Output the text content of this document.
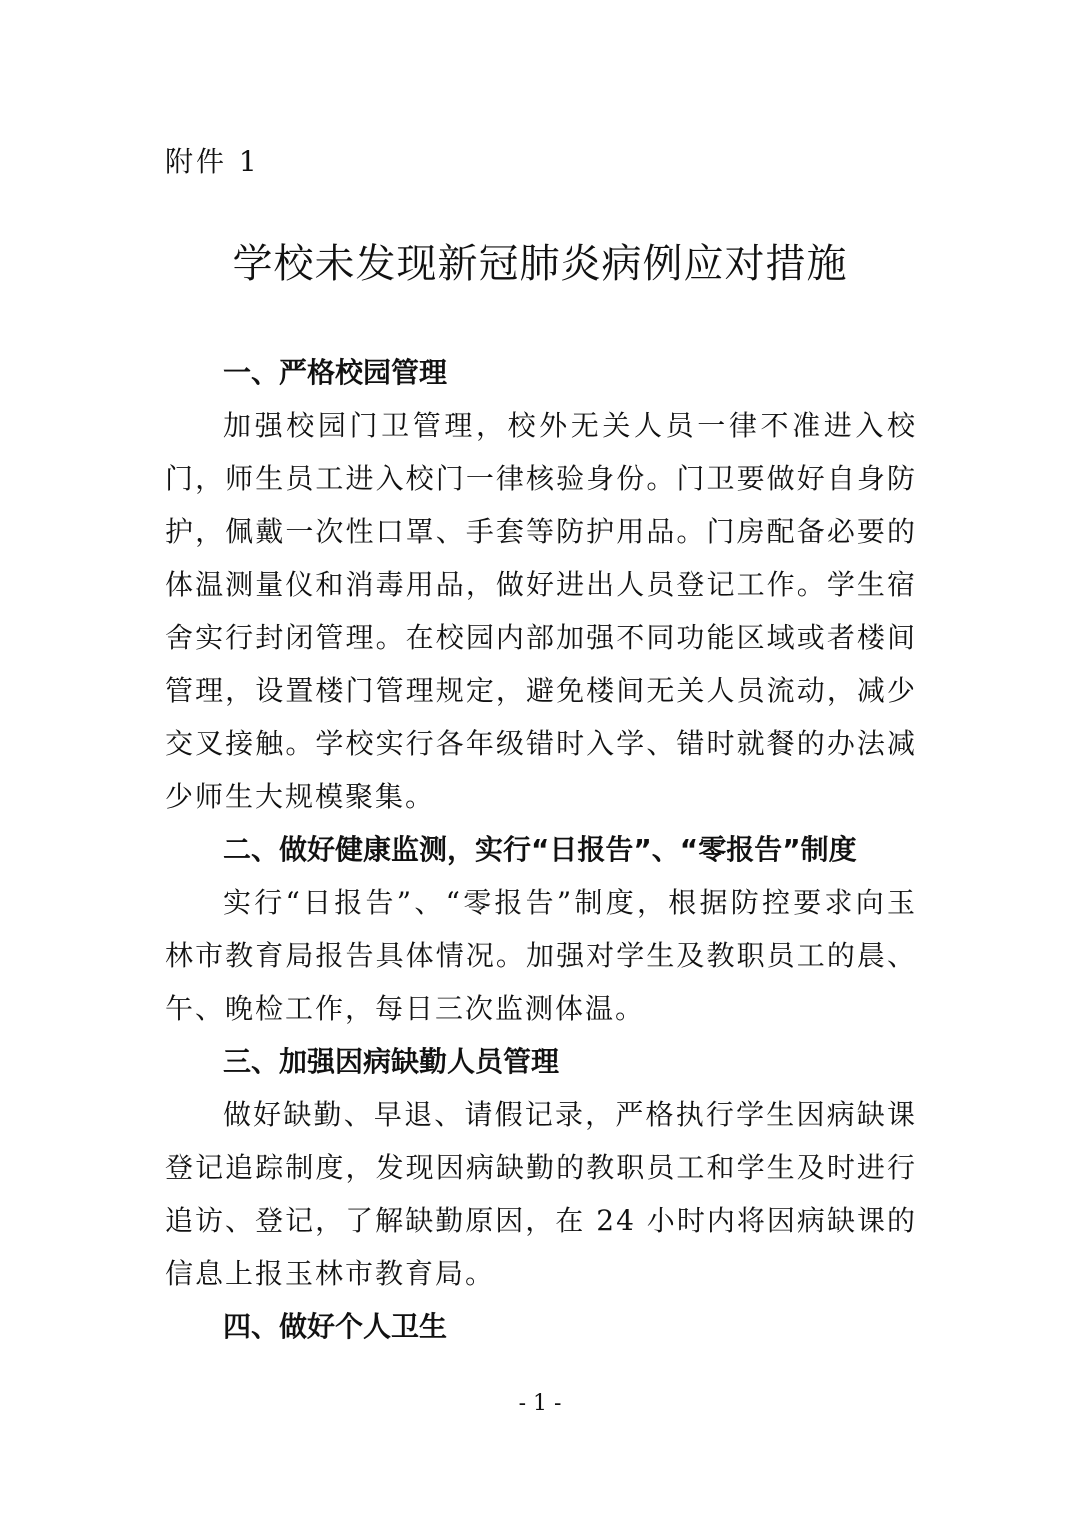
附件 1
学校未发现新冠肺炎病例应对措施
一、严格校园管理

加强校园门卫管理，校外无关人员一律不准进入校门，师生员工进入校门一律核验身份。门卫要做好自身防护，佩戴一次性口罩、手套等防护用品。门房配备必要的体温测量仪和消毒用品，做好进出人员登记工作。学生宿舍实行封闭管理。在校园内部加强不同功能区域或者楼间管理，设置楼门管理规定，避免楼间无关人员流动，减少交叉接触。学校实行各年级错时入学、错时就餐的办法减少师生大规模聚集。

二、做好健康监测，实行“日报告”、“零报告”制度

实行“日报告”、“零报告”制度，根据防控要求向玉林市教育局报告具体情况。加强对学生及教职员工的晨、午、晚检工作，每日三次监测体温。

三、加强因病缺勤人员管理

做好缺勤、早退、请假记录，严格执行学生因病缺课登记追踪制度，发现因病缺勤的教职员工和学生及时进行追访、登记，了解缺勤原因，在 24 小时内将因病缺课的信息上报玉林市教育局。

四、做好个人卫生
- 1 -
